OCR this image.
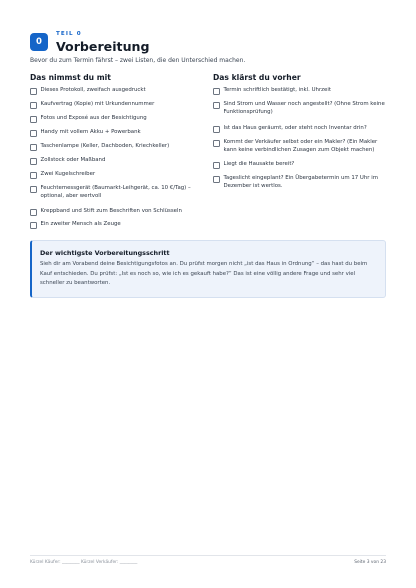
0
TEIL 0
Vorbereitung
Bevor du zum Termin fährst – zwei Listen, die den Unterschied machen.
Das nimmst du mit
Dieses Protokoll, zweifach ausgedruckt
Kaufvertrag (Kopie) mit Urkundennummer
Fotos und Exposé aus der Besichtigung
Handy mit vollem Akku + Powerbank
Taschenlampe (Keller, Dachboden, Kriechkeller)
Zollstock oder Maßband
Zwei Kugelschreiber
Feuchtemessgerät (Baumarkt-Leihgerät, ca. 10 €/Tag) –
optional, aber wertvoll
Kreppband und Stift zum Beschriften von Schlüsseln
Ein zweiter Mensch als Zeuge
Das klärst du vorher
Termin schriftlich bestätigt, inkl. Uhrzeit
Sind Strom und Wasser noch angestellt? (Ohne Strom keine
Funktionsprüfung)
Ist das Haus geräumt, oder steht noch Inventar drin?
Kommt der Verkäufer selbst oder ein Makler? (Ein Makler
kann keine verbindlichen Zusagen zum Objekt machen)
Liegt die Hausakte bereit?
Tageslicht eingeplant? Ein Übergabetermin um 17 Uhr im
Dezember ist wertlos.
Der wichtigste Vorbereitungsschritt
Sieh dir am Vorabend deine Besichtigungsfotos an. Du prüfst morgen nicht „ist das Haus in Ordnung“ – das hast du beim
Kauf entschieden. Du prüfst: „Ist es noch so, wie ich es gekauft habe?“ Das ist eine völlig andere Frage und sehr viel
schneller zu beantworten.
Kürzel Käufer: ________ Kürzel Verkäufer: ________	Seite 3 von 23
